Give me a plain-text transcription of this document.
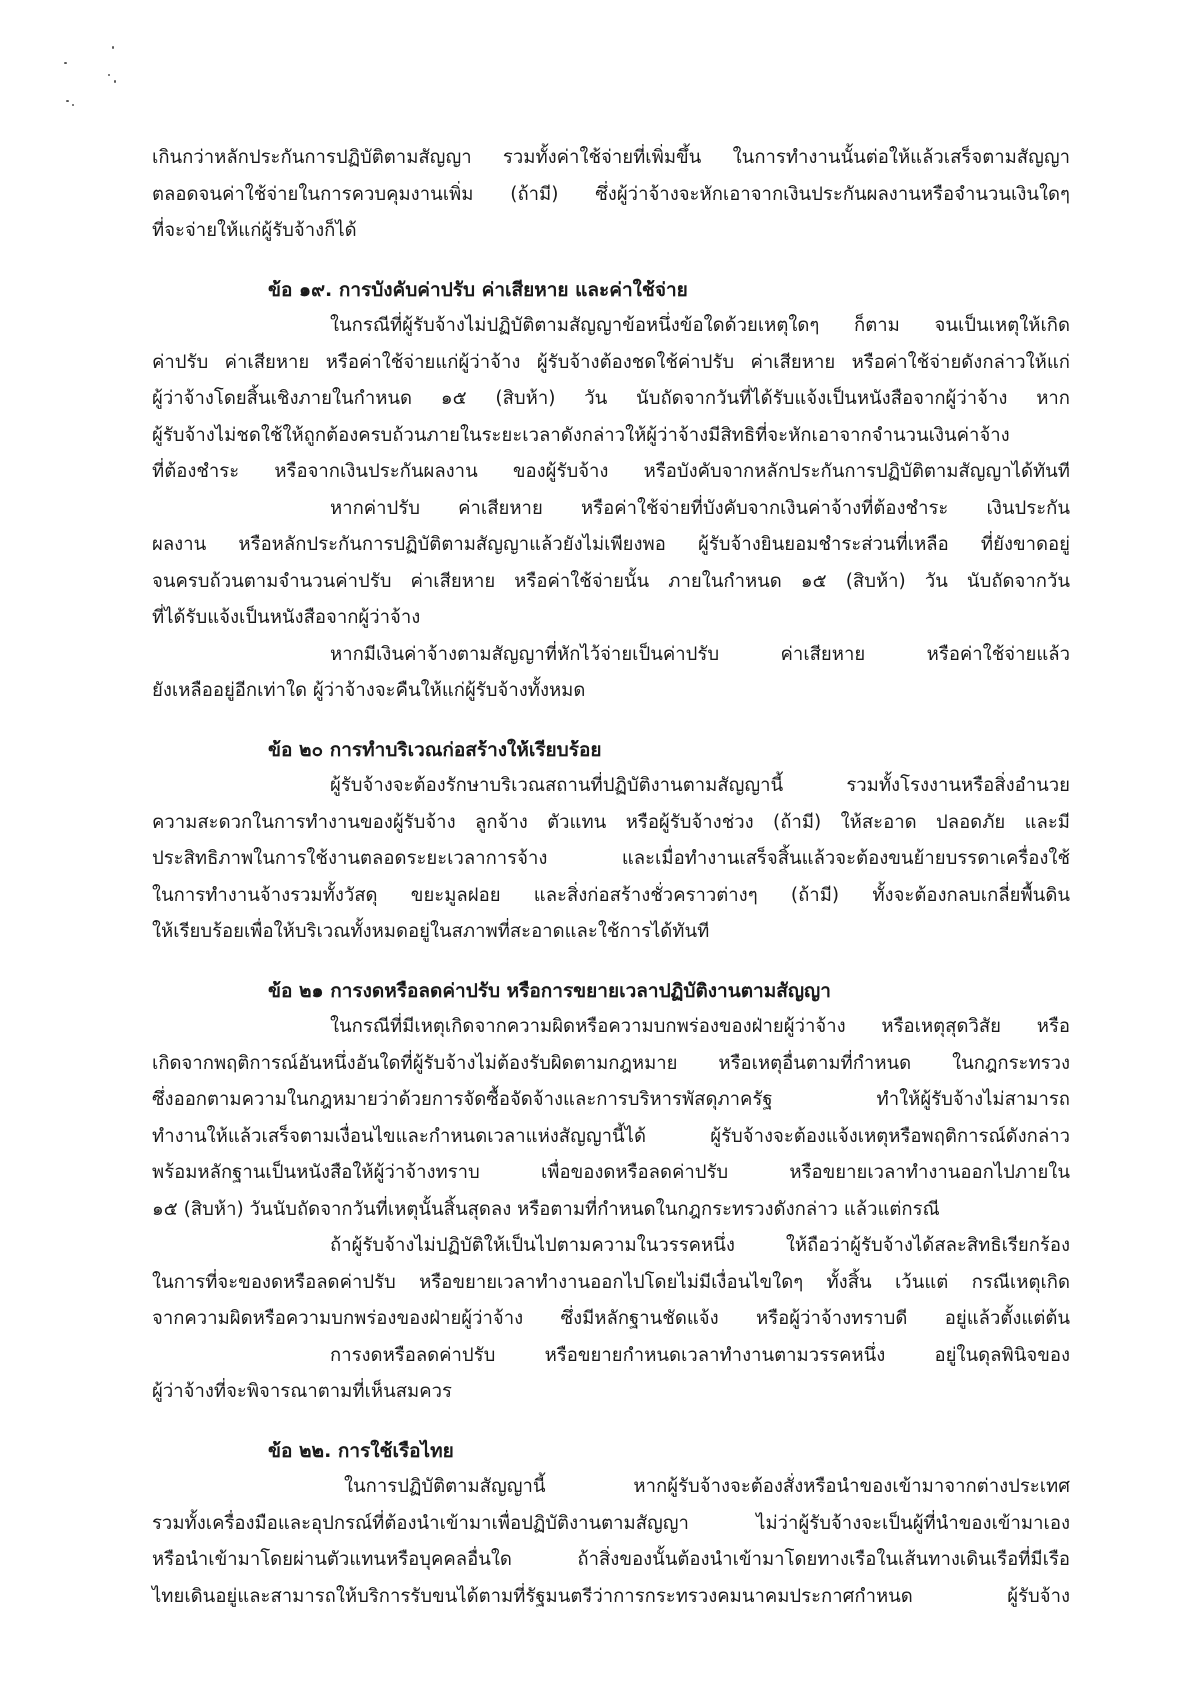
เกินกว่าหลักประกันการปฏิบัติตามสัญญา รวมทั้งค่าใช้จ่ายที่เพิ่มขึ้น ในการทำงานนั้นต่อให้แล้วเสร็จตามสัญญา

ตลอดจนค่าใช้จ่ายในการควบคุมงานเพิ่ม (ถ้ามี) ซึ่งผู้ว่าจ้างจะหักเอาจากเงินประกันผลงานหรือจำนวนเงินใดๆ

ที่จะจ่ายให้แก่ผู้รับจ้างก็ได้

ข้อ ๑๙. การบังคับค่าปรับ ค่าเสียหาย และค่าใช้จ่าย

ในกรณีที่ผู้รับจ้างไม่ปฏิบัติตามสัญญาข้อหนึ่งข้อใดด้วยเหตุใดๆ ก็ตาม จนเป็นเหตุให้เกิด

ค่าปรับ ค่าเสียหาย หรือค่าใช้จ่ายแก่ผู้ว่าจ้าง ผู้รับจ้างต้องชดใช้ค่าปรับ ค่าเสียหาย หรือค่าใช้จ่ายดังกล่าวให้แก่

ผู้ว่าจ้างโดยสิ้นเชิงภายในกำหนด ๑๕ (สิบห้า) วัน นับถัดจากวันที่ได้รับแจ้งเป็นหนังสือจากผู้ว่าจ้าง หาก

ผู้รับจ้างไม่ชดใช้ให้ถูกต้องครบถ้วนภายในระยะเวลาดังกล่าวให้ผู้ว่าจ้างมีสิทธิที่จะหักเอาจากจำนวนเงินค่าจ้าง

ที่ต้องชำระ หรือจากเงินประกันผลงาน ของผู้รับจ้าง หรือบังคับจากหลักประกันการปฏิบัติตามสัญญาได้ทันที

หากค่าปรับ ค่าเสียหาย หรือค่าใช้จ่ายที่บังคับจากเงินค่าจ้างที่ต้องชำระ เงินประกัน

ผลงาน หรือหลักประกันการปฏิบัติตามสัญญาแล้วยังไม่เพียงพอ ผู้รับจ้างยินยอมชำระส่วนที่เหลือ ที่ยังขาดอยู่

จนครบถ้วนตามจำนวนค่าปรับ ค่าเสียหาย หรือค่าใช้จ่ายนั้น ภายในกำหนด ๑๕ (สิบห้า) วัน นับถัดจากวัน

ที่ได้รับแจ้งเป็นหนังสือจากผู้ว่าจ้าง

หากมีเงินค่าจ้างตามสัญญาที่หักไว้จ่ายเป็นค่าปรับ ค่าเสียหาย หรือค่าใช้จ่ายแล้ว

ยังเหลืออยู่อีกเท่าใด ผู้ว่าจ้างจะคืนให้แก่ผู้รับจ้างทั้งหมด

ข้อ ๒๐ การทำบริเวณก่อสร้างให้เรียบร้อย

ผู้รับจ้างจะต้องรักษาบริเวณสถานที่ปฏิบัติงานตามสัญญานี้ รวมทั้งโรงงานหรือสิ่งอำนวย

ความสะดวกในการทำงานของผู้รับจ้าง ลูกจ้าง ตัวแทน หรือผู้รับจ้างช่วง (ถ้ามี) ให้สะอาด ปลอดภัย และมี

ประสิทธิภาพในการใช้งานตลอดระยะเวลาการจ้าง และเมื่อทำงานเสร็จสิ้นแล้วจะต้องขนย้ายบรรดาเครื่องใช้

ในการทำงานจ้างรวมทั้งวัสดุ ขยะมูลฝอย และสิ่งก่อสร้างชั่วคราวต่างๆ (ถ้ามี) ทั้งจะต้องกลบเกลี่ยพื้นดิน

ให้เรียบร้อยเพื่อให้บริเวณทั้งหมดอยู่ในสภาพที่สะอาดและใช้การได้ทันที

ข้อ ๒๑ การงดหรือลดค่าปรับ หรือการขยายเวลาปฏิบัติงานตามสัญญา

ในกรณีที่มีเหตุเกิดจากความผิดหรือความบกพร่องของฝ่ายผู้ว่าจ้าง หรือเหตุสุดวิสัย หรือ

เกิดจากพฤติการณ์อันหนึ่งอันใดที่ผู้รับจ้างไม่ต้องรับผิดตามกฎหมาย หรือเหตุอื่นตามที่กำหนด ในกฎกระทรวง

ซึ่งออกตามความในกฎหมายว่าด้วยการจัดซื้อจัดจ้างและการบริหารพัสดุภาครัฐ ทำให้ผู้รับจ้างไม่สามารถ

ทำงานให้แล้วเสร็จตามเงื่อนไขและกำหนดเวลาแห่งสัญญานี้ได้ ผู้รับจ้างจะต้องแจ้งเหตุหรือพฤติการณ์ดังกล่าว

พร้อมหลักฐานเป็นหนังสือให้ผู้ว่าจ้างทราบ เพื่อของดหรือลดค่าปรับ หรือขยายเวลาทำงานออกไปภายใน

๑๕ (สิบห้า) วันนับถัดจากวันที่เหตุนั้นสิ้นสุดลง หรือตามที่กำหนดในกฎกระทรวงดังกล่าว แล้วแต่กรณี

ถ้าผู้รับจ้างไม่ปฏิบัติให้เป็นไปตามความในวรรคหนึ่ง ให้ถือว่าผู้รับจ้างได้สละสิทธิเรียกร้อง

ในการที่จะของดหรือลดค่าปรับ หรือขยายเวลาทำงานออกไปโดยไม่มีเงื่อนไขใดๆ ทั้งสิ้น เว้นแต่ กรณีเหตุเกิด

จากความผิดหรือความบกพร่องของฝ่ายผู้ว่าจ้าง ซึ่งมีหลักฐานชัดแจ้ง หรือผู้ว่าจ้างทราบดี อยู่แล้วตั้งแต่ต้น

การงดหรือลดค่าปรับ หรือขยายกำหนดเวลาทำงานตามวรรคหนึ่ง อยู่ในดุลพินิจของ

ผู้ว่าจ้างที่จะพิจารณาตามที่เห็นสมควร

ข้อ ๒๒. การใช้เรือไทย

ในการปฏิบัติตามสัญญานี้ หากผู้รับจ้างจะต้องสั่งหรือนำของเข้ามาจากต่างประเทศ

รวมทั้งเครื่องมือและอุปกรณ์ที่ต้องนำเข้ามาเพื่อปฏิบัติงานตามสัญญา ไม่ว่าผู้รับจ้างจะเป็นผู้ที่นำของเข้ามาเอง

หรือนำเข้ามาโดยผ่านตัวแทนหรือบุคคลอื่นใด ถ้าสิ่งของนั้นต้องนำเข้ามาโดยทางเรือในเส้นทางเดินเรือที่มีเรือ

ไทยเดินอยู่และสามารถให้บริการรับขนได้ตามที่รัฐมนตรีว่าการกระทรวงคมนาคมประกาศกำหนด ผู้รับจ้าง
